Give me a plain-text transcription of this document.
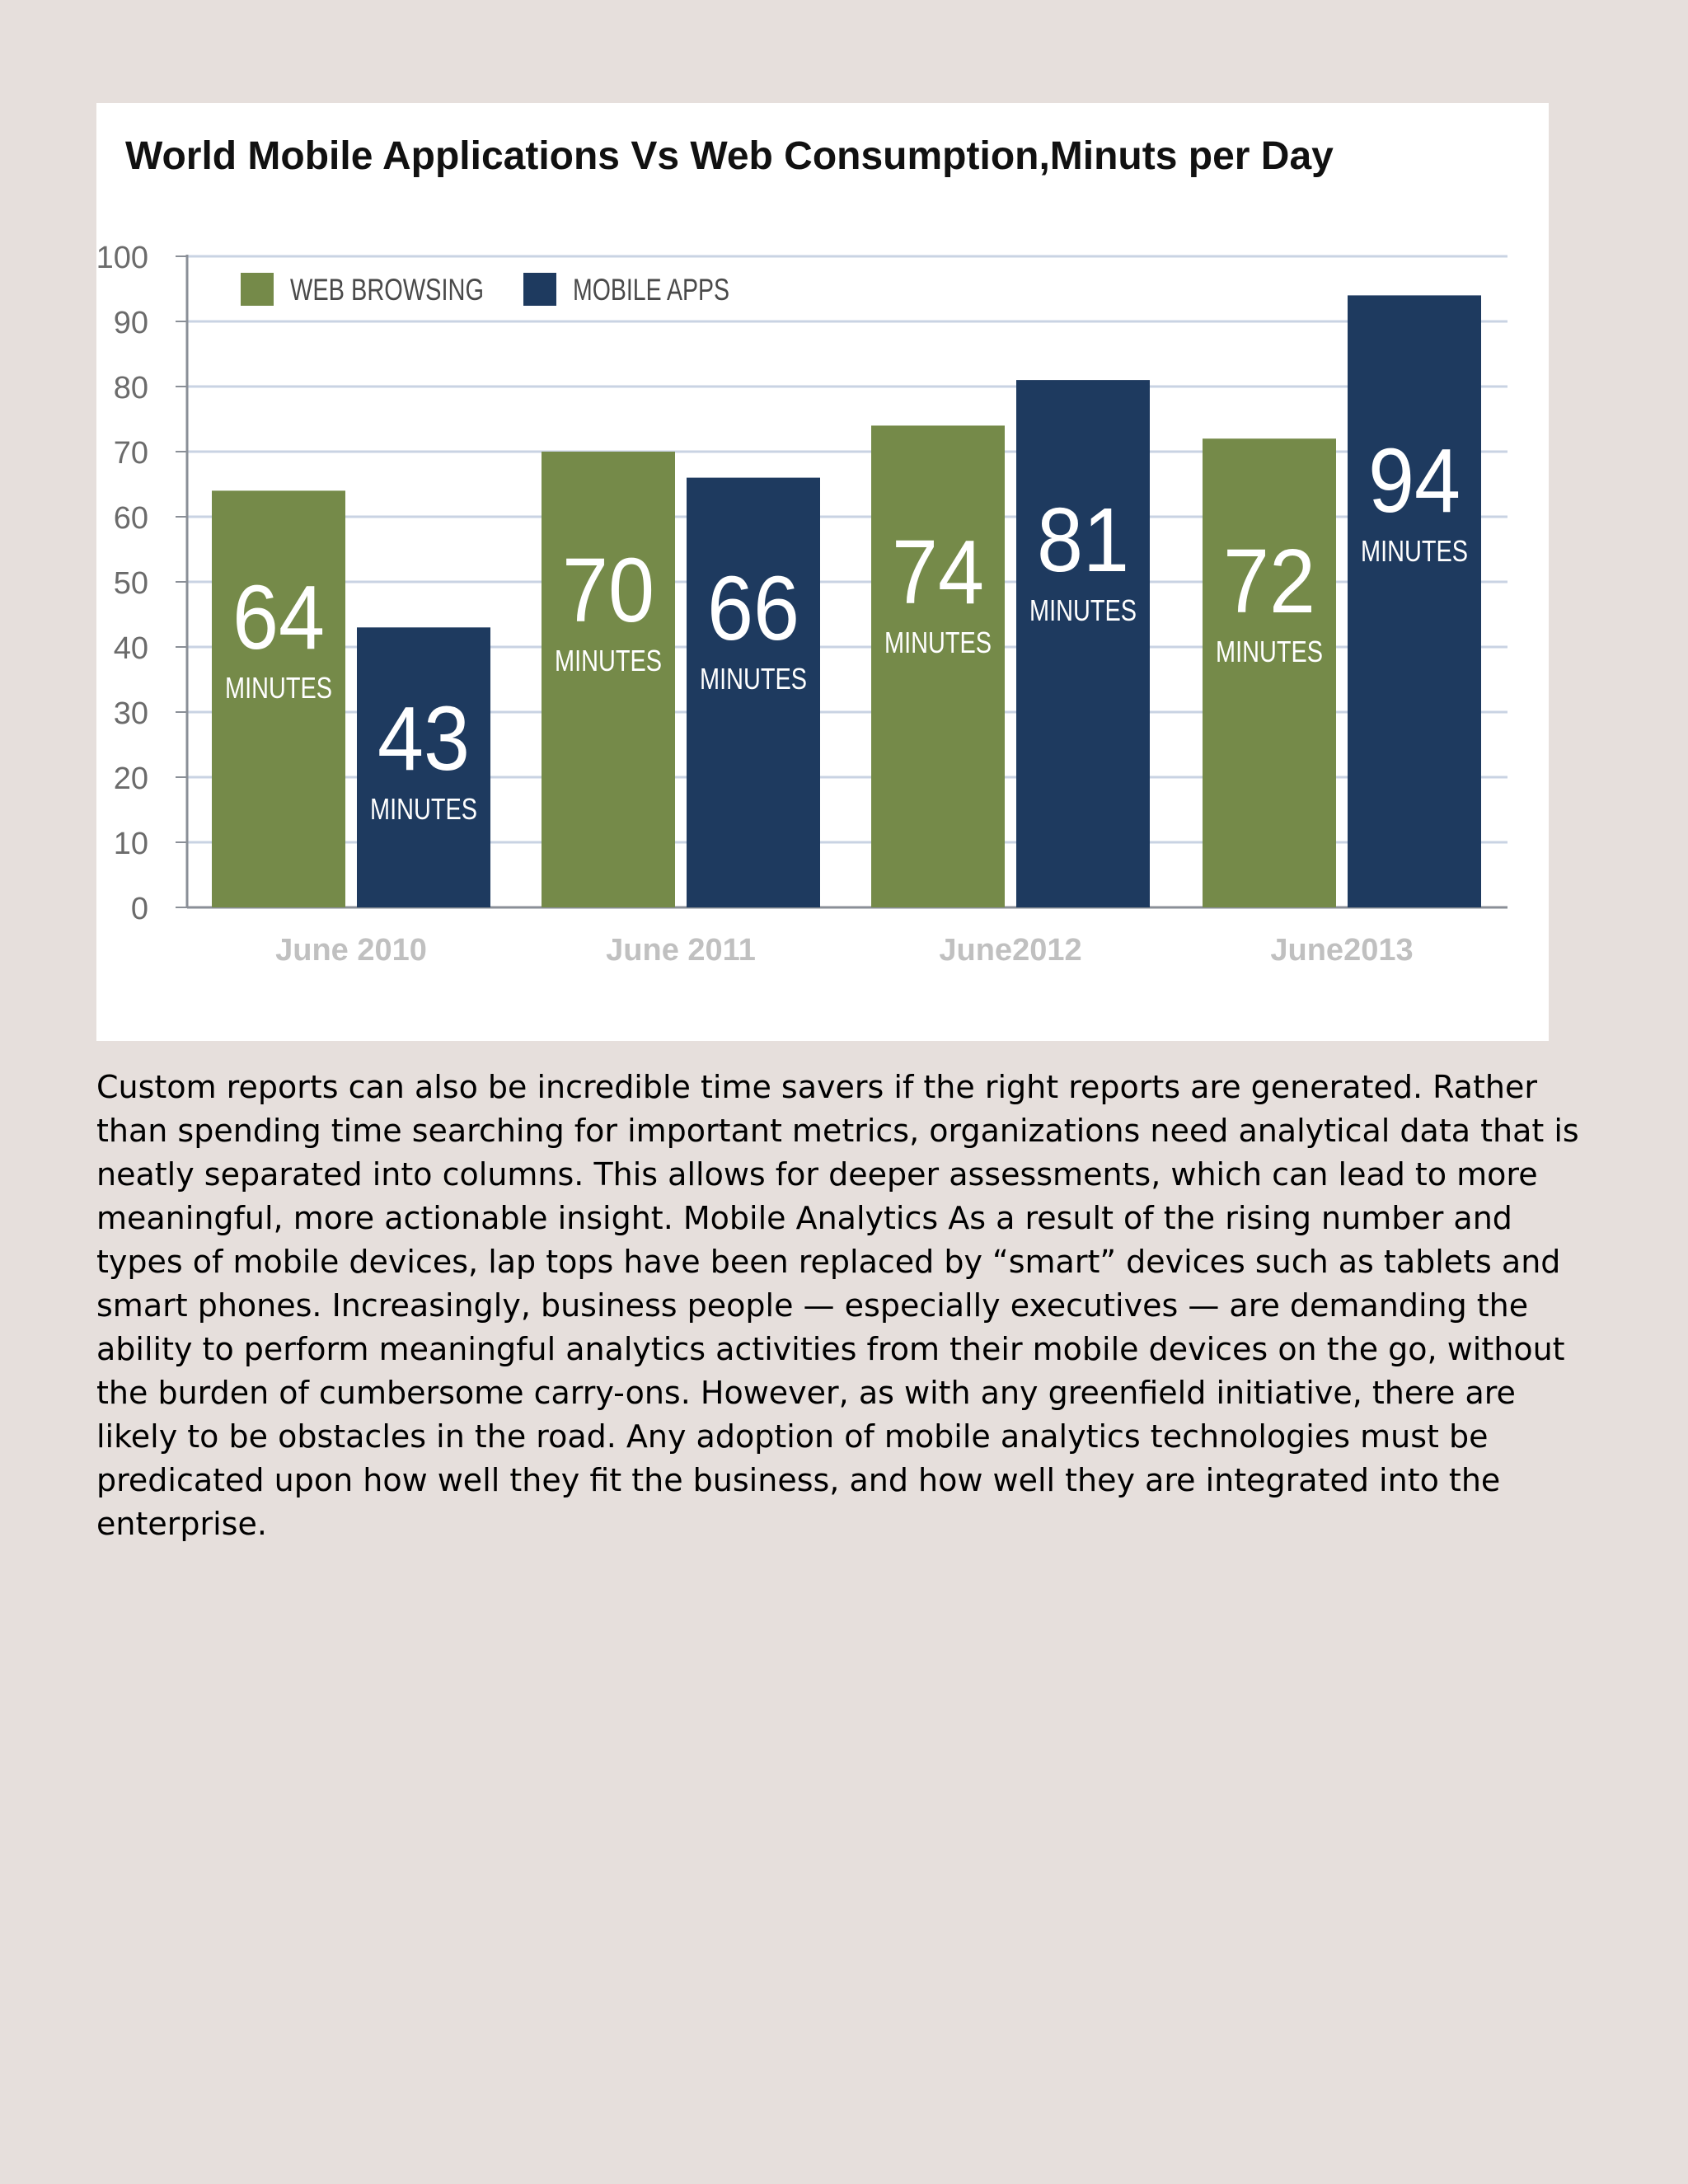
World Mobile Applications Vs Web Consumption,Minuts per Day
0
10
20
30
40
50
60
70
80
90
100
WEB BROWSING	MOBILE APPS
64
MINUTES
43
MINUTES
June 2010
70
MINUTES
66
MINUTES
June 2011
74
MINUTES
81
MINUTES
June2012
72
MINUTES
94
MINUTES
June2013

Custom reports can also be incredible time savers if the right reports are generated. Rather than spending time searching for important metrics, organizations need analytical data that is neatly separated into columns. This allows for deeper assessments, which can lead to more meaningful, more actionable insight. Mobile Analytics As a result of the rising number and types of mobile devices, lap tops have been replaced by “smart” devices such as tablets and smart phones. Increasingly, business people — especially executives — are demanding the ability to perform meaningful analytics activities from their mobile devices on the go, without the burden of cumbersome carry-ons. However, as with any greenfield initiative, there are likely to be obstacles in the road. Any adoption of mobile analytics technologies must be predicated upon how well they fit the business, and how well they are integrated into the enterprise.
